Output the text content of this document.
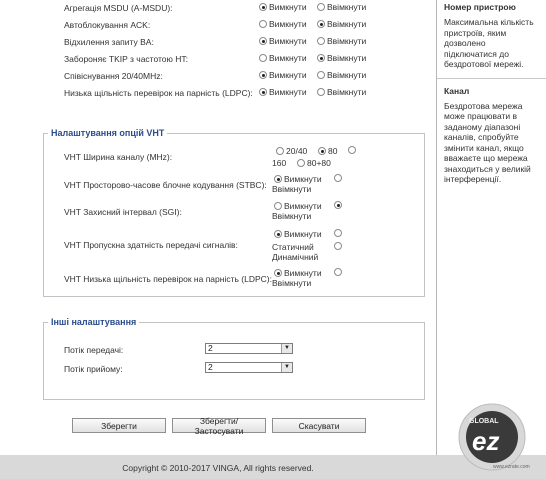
Агрегація MSDU (A-MSDU):	Вимкнути Ввімкнути
Автоблокування ACK:	Вимкнути Ввімкнути
Відхилення запиту BA:	Вимкнути Ввімкнути
Забороняє TKIP з частотою HT:	Вимкнути Ввімкнути
Співіснування 20/40MHz:	Вимкнути Ввімкнути
Низька щільність перевірок на парність (LDPC): Вимкнути Ввімкнути
Налаштування опцій VHT
VHT Ширина каналу (MHz):
20/40 80
160 80+80
VHT Просторово-часове блочне кодування (STBC):
Вимкнути
Ввімкнути
VHT Захисний інтервал (SGI):
Вимкнути
Ввімкнути
VHT Пропускна здатність передачі сигналів:
Вимкнути
Статичний
Динамічний
VHT Низька щільність перевірок на парність (LDPC):
Вимкнути
Ввімкнути
Інші налаштування
Потік передачі:	2	▼
Потік прийому:	2	▼
Зберегти	Зберегти/Застосувати	Скасувати
Номер пристрою
Максимальна кількість пристроїв, яким дозволено підключатися до бездротової мережі.
Канал
Бездротова мережа може працювати в заданому діапазоні каналів, спробуйте змінити канал, якщо вважаєте що мережа знаходиться у великій інтерференції.
Copyright © 2010-2017 VINGA, All rights reserved.
GLOBAL
ez
www.ezrate.com
